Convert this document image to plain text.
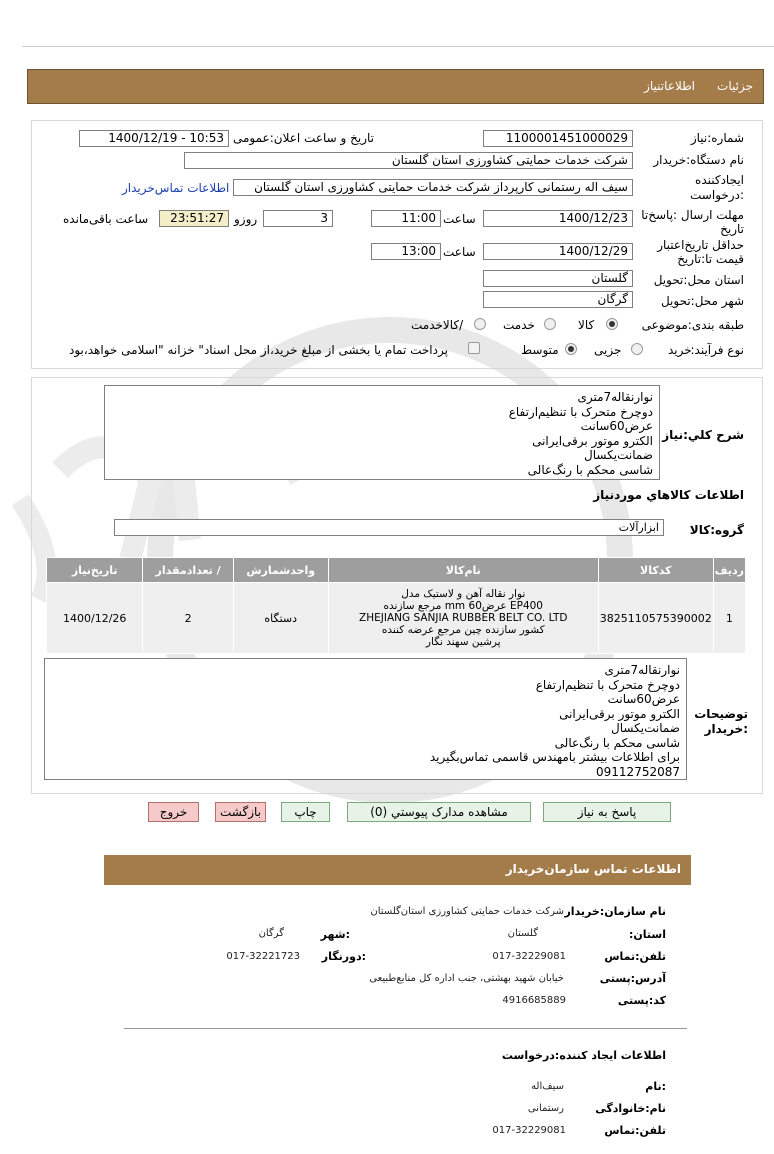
جزئیات
اطلاعاتنیاز
شماره:نیاز
1100001451000029
تاریخ و ساعت اعلان:عمومی
1400/12/19 - 10:53
نام دستگاه:خریدار
شرکت خدمات حمایتی کشاورزی استان گلستان
ایجادکننده
:درخواست
سیف اله رستمانی کارپرداز شرکت خدمات حمایتی کشاورزی استان گلستان
اطلاعات تماس‌خریدار
مهلت ارسال :پاسخ‌تا
تاریخ
1400/12/23
ساعت
11:00
3
روزو
23:51:27
ساعت باقی‌مانده
حداقل تاریخ‌اعتبار
قیمت تا:تاریخ
1400/12/29
ساعت
13:00
استان محل:تحویل
گلستان
شهر محل:تحویل
گرگان
طبقه بندی:موضوعی
کالا
خدمت
/کالاخدمت
نوع فرآیند:
خرید
جزیی
متوسط
پرداخت تمام یا بخشی از مبلغ خرید،از محل اسناد" خزانه "اسلامی خواهد،بود
شرح کلي:نياز
نوارنقاله7متری
دوچرخ متحرک با تنظیم‌ارتفاع
عرض60سانت
الکترو موتور برقی‌ایرانی
ضمانت‌یکسال
شاسی محکم با رنگ‌عالی
اطلاعات کالاهاي موردنياز
گروه:کالا
ابزارآلات
رديف	کدکالا	نام‌کالا	واحدشمارش	/ تعدادمقدار	تاریخ‌نیاز
1	3825110575390002	نوار نقاله آهن و لاستیک مدل
EP400 عرض60 mm مرجع سازنده
ZHEJIANG SANJIA RUBBER BELT CO. LTD
کشور سازنده چین مرجع عرضه کننده
پرشین سهند نگار	دستگاه	2	1400/12/26
توضیحات
:خریدار
نوارنقاله7متری
دوچرخ متحرک با تنظیم‌ارتفاع
عرض60سانت
الکترو موتور برقی‌ایرانی
ضمانت‌یکسال
شاسی محکم با رنگ‌عالی
برای اطلاعات بیشتر بامهندس قاسمی تماس‌بگیرید
09112752087
پاسخ به نیاز
مشاهده مدارک پیوستي (0)
چاپ
بازگشت
خروج
اطلاعات تماس سازمان‌خریدار
نام سازمان:خریدار
شرکت خدمات حمایتی کشاورزی استان‌گلستان
استان:
گلستان
:شهر
گرگان
تلفن:تماس
017-32229081
:دورنگار
017-32221723
آدرس:پستی
خیابان شهید بهشتی، جنب اداره کل منابع‌طبیعی
کد:پستی
4916685889
اطلاعات ایجاد کننده:درخواست
:نام
سیف‌اله
نام:خانوادگی
رستمانی
تلفن:تماس
017-32229081
